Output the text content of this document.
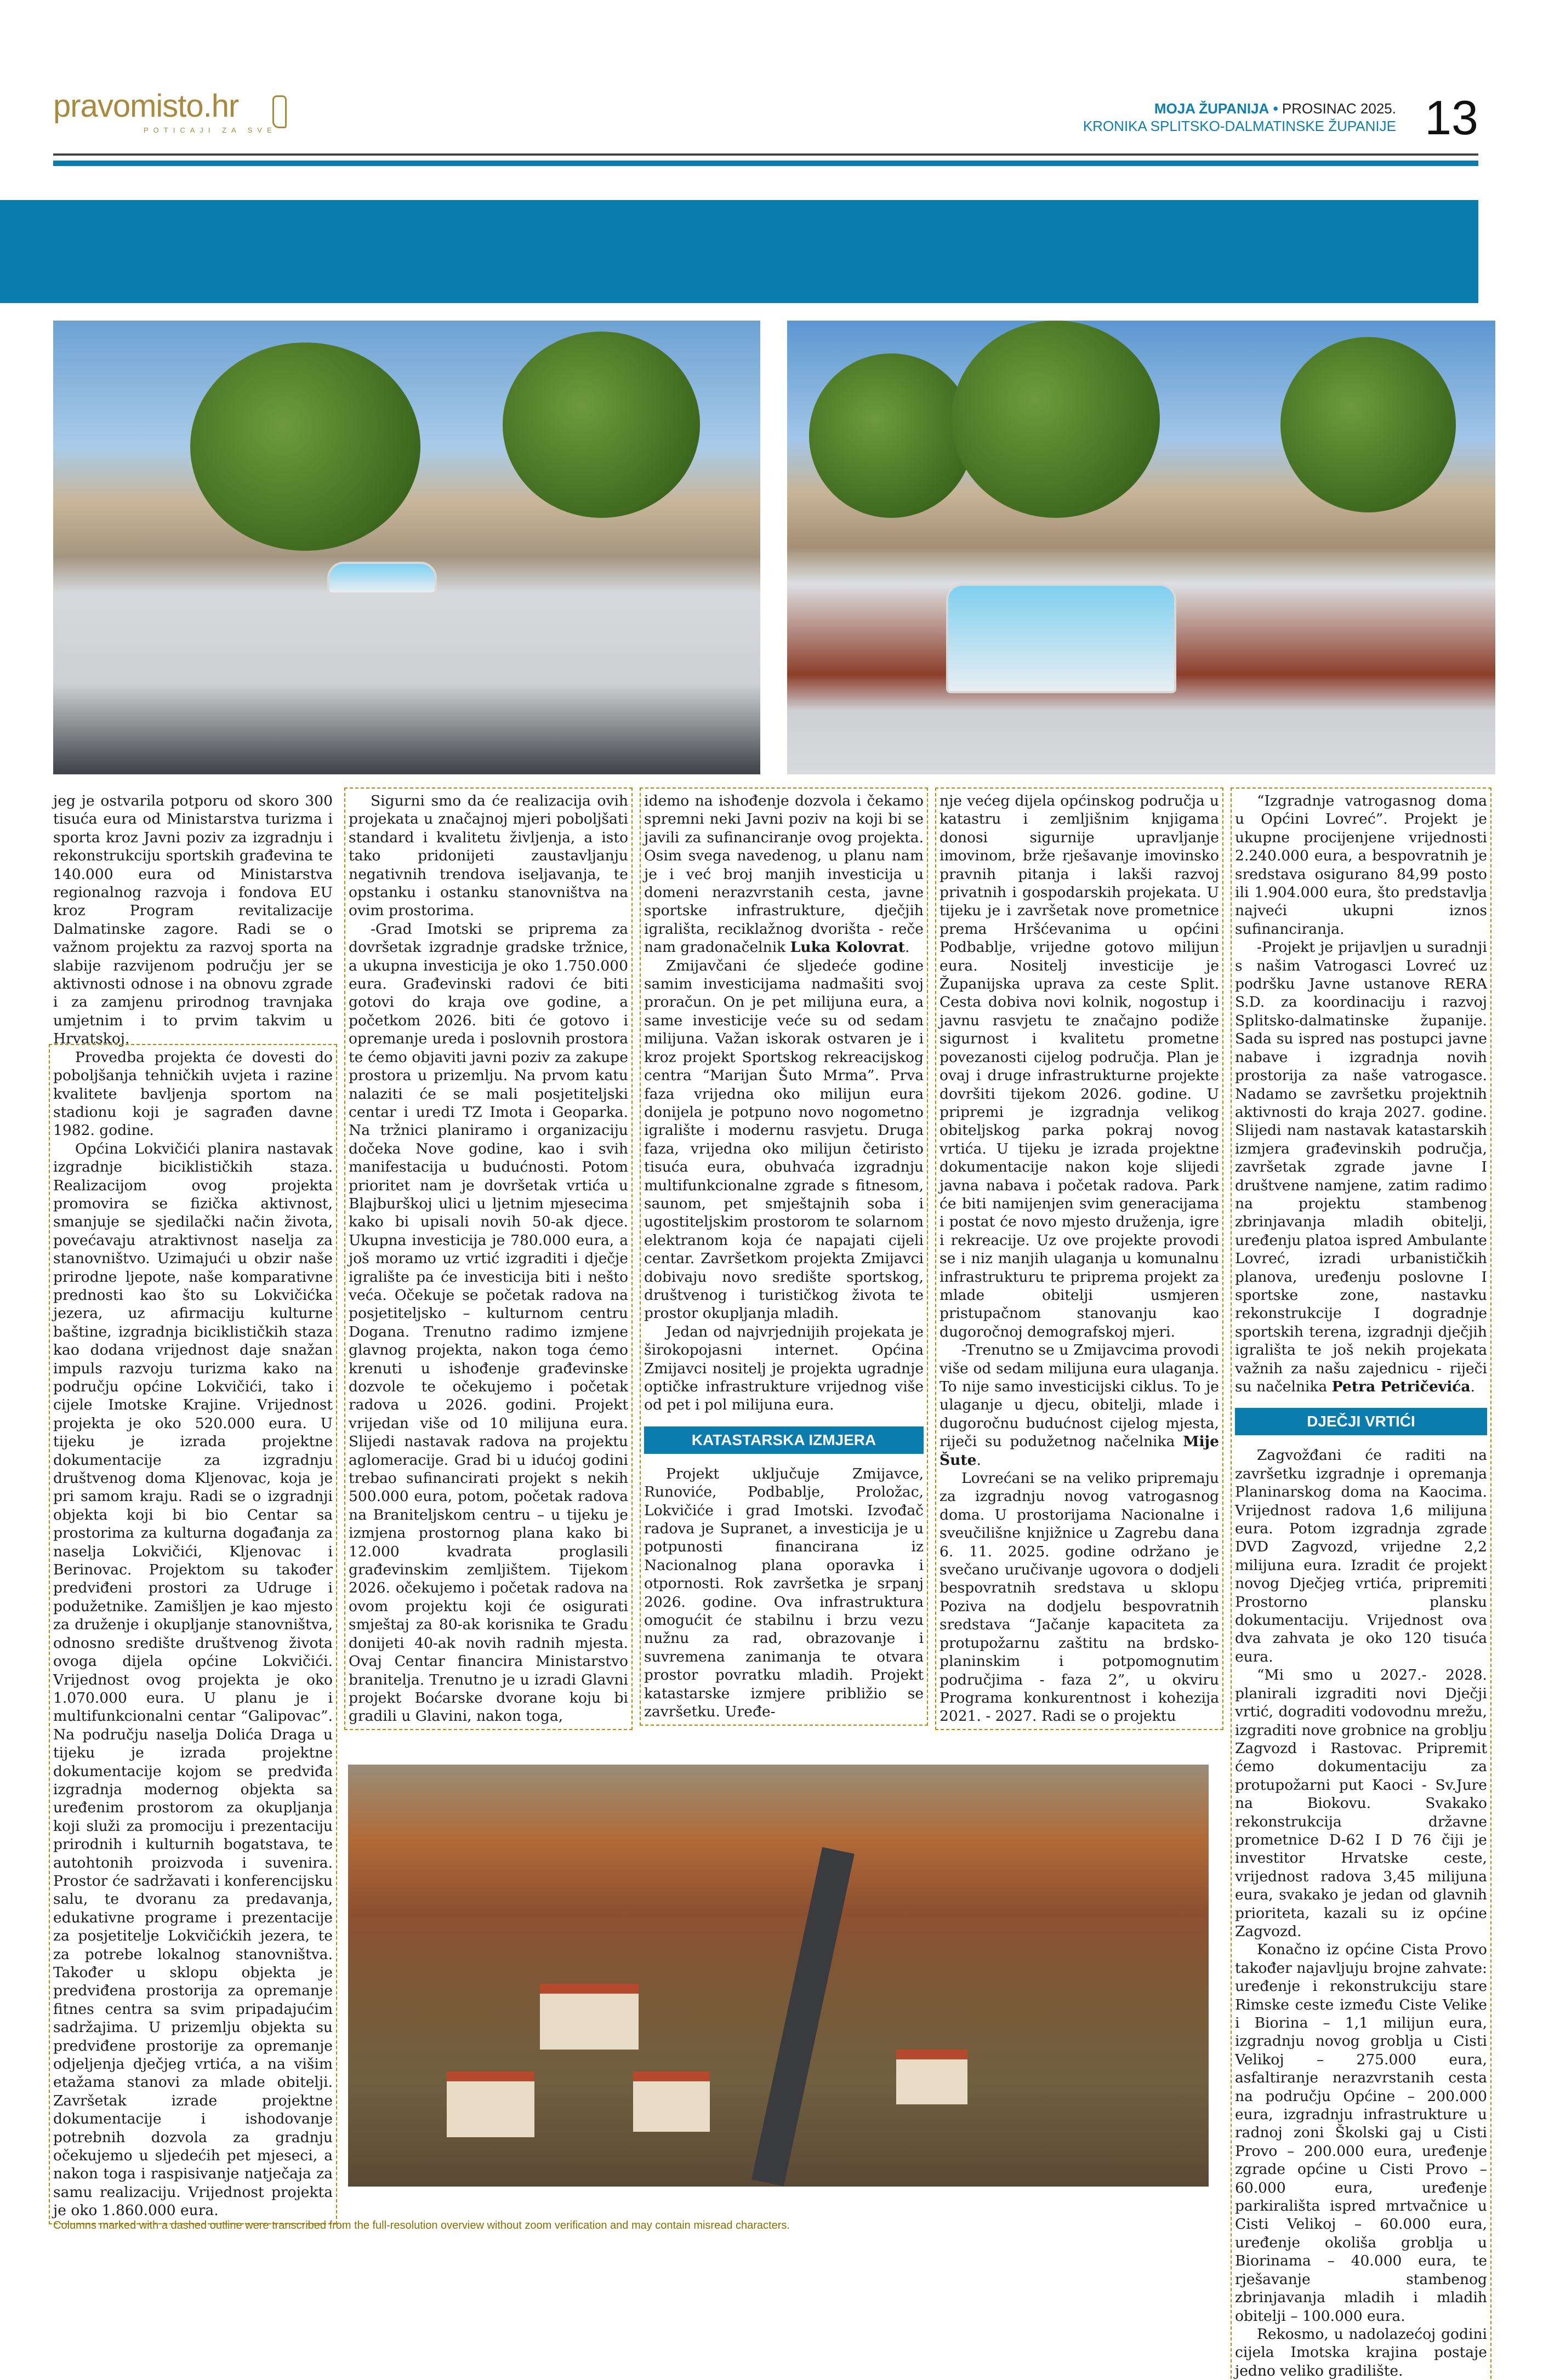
pravomisto.hr
POTICAJI ZA SVE
MOJA ŽUPANIJA • PROSINAC 2025.
KRONIKA SPLITSKO-DALMATINSKE ŽUPANIJE 13

jeg je ostvarila potporu od skoro 300 tisuća eura od Ministarstva turizma i sporta kroz Javni poziv za izgradnju i rekonstrukciju sportskih građevina te 140.000 eura od Ministarstva regionalnog razvoja i fondova EU kroz Program revitalizacije Dalmatinske zagore. Radi se o važnom projektu za razvoj sporta na slabije razvijenom području jer se aktivnosti odnose i na obnovu zgrade i za zamjenu prirodnog travnjaka umjetnim i to prvim takvim u Hrvatskoj.

Provedba projekta će dovesti do poboljšanja tehničkih uvjeta i razine kvalitete bavljenja sportom na stadionu koji je sagrađen davne 1982. godine.

Općina Lokvičići planira nastavak izgradnje biciklističkih staza. Realizacijom ovog projekta promovira se fizička aktivnost, smanjuje se sjedilački način života, povećavaju atraktivnost naselja za stanovništvo. Uzimajući u obzir naše prirodne ljepote, naše komparativne prednosti kao što su Lokvičićka jezera, uz afirmaciju kulturne baštine, izgradnja biciklističkih staza kao dodana vrijednost daje snažan impuls razvoju turizma kako na području općine Lokvičići, tako i cijele Imotske Krajine. Vrijednost projekta je oko 520.000 eura. U tijeku je izrada projektne dokumentacije za izgradnju društvenog doma Kljenovac, koja je pri samom kraju. Radi se o izgradnji objekta koji bi bio Centar sa prostorima za kulturna događanja za naselja Lokvičići, Kljenovac i Berinovac. Projektom su također predviđeni prostori za Udruge i podužetnike. Zamišljen je kao mjesto za druženje i okupljanje stanovništva, odnosno središte društvenog života ovoga dijela općine Lokvičići. Vrijednost ovog projekta je oko 1.070.000 eura. U planu je i multifunkcionalni centar “Galipovac”. Na području naselja Dolića Draga u tijeku je izrada projektne dokumentacije kojom se predviđa izgradnja modernog objekta sa uređenim prostorom za okupljanja koji služi za promociju i prezentaciju prirodnih i kulturnih bogatstava, te autohtonih proizvoda i suvenira. Prostor će sadržavati i konferencijsku salu, te dvoranu za predavanja, edukativne programe i prezentacije za posjetitelje Lokvičićkih jezera, te za potrebe lokalnog stanovništva. Također u sklopu objekta je predviđena prostorija za opremanje fitnes centra sa svim pripadajućim sadržajima. U prizemlju objekta su predviđene prostorije za opremanje odjeljenja dječjeg vrtića, a na višim etažama stanovi za mlade obitelji. Završetak izrade projektne dokumentacije i ishodovanje potrebnih dozvola za gradnju očekujemo u sljedećih pet mjeseci, a nakon toga i raspisivanje natječaja za samu realizaciju. Vrijednost projekta je oko 1.860.000 eura.

Sigurni smo da će realizacija ovih projekata u značajnoj mjeri poboljšati standard i kvalitetu življenja, a isto tako pridonijeti zaustavljanju negativnih trendova iseljavanja, te opstanku i ostanku stanovništva na ovim prostorima.

-Grad Imotski se priprema za dovršetak izgradnje gradske tržnice, a ukupna investicija je oko 1.750.000 eura. Građevinski radovi će biti gotovi do kraja ove godine, a početkom 2026. biti će gotovo i opremanje ureda i poslovnih prostora te ćemo objaviti javni poziv za zakupe prostora u prizemlju. Na prvom katu nalaziti će se mali posjetiteljski centar i uredi TZ Imota i Geoparka. Na tržnici planiramo i organizaciju dočeka Nove godine, kao i svih manifestacija u budućnosti. Potom prioritet nam je dovršetak vrtića u Blajburškoj ulici u ljetnim mjesecima kako bi upisali novih 50-ak djece. Ukupna investicija je 780.000 eura, a još moramo uz vrtić izgraditi i dječje igralište pa će investicija biti i nešto veća. Očekuje se početak radova na posjetiteljsko – kulturnom centru Dogana. Trenutno radimo izmjene glavnog projekta, nakon toga ćemo krenuti u ishođenje građevinske dozvole te očekujemo i početak radova u 2026. godini. Projekt vrijedan više od 10 milijuna eura. Slijedi nastavak radova na projektu aglomeracije. Grad bi u idućoj godini trebao sufinancirati projekt s nekih 500.000 eura, potom, početak radova na Branitelјskom centru – u tijeku je izmjena prostornog plana kako bi 12.000 kvadrata proglasili građevinskim zemljištem. Tijekom 2026. očekujemo i početak radova na ovom projektu koji će osigurati smještaj za 80-ak korisnika te Gradu donijeti 40-ak novih radnih mjesta. Ovaj Centar financira Ministarstvo branitelja. Trenutno je u izradi Glavni projekt Boćarske dvorane koju bi gradili u Glavini, nakon toga,

idemo na ishođenje dozvola i čekamo spremni neki Javni poziv na koji bi se javili za sufinanciranje ovog projekta. Osim svega navedenog, u planu nam je i već broj manjih investicija u domeni nerazvrstanih cesta, javne sportske infrastrukture, dječjih igrališta, reciklažnog dvorišta - reče nam gradonačelnik Luka Kolovrat.

Zmijavčani će sljedeće godine samim investicijama nadmašiti svoj proračun. On je pet milijuna eura, a same investicije veće su od sedam milijuna. Važan iskorak ostvaren je i kroz projekt Sportskog rekreacijskog centra “Marijan Šuto Mrma”. Prva faza vrijedna oko milijun eura donijela je potpuno novo nogometno igralište i modernu rasvjetu. Druga faza, vrijedna oko milijun četiristo tisuća eura, obuhvaća izgradnju multifunkcionalne zgrade s fitnesom, saunom, pet smještajnih soba i ugostiteljskim prostorom te solarnom elektranom koja će napajati cijeli centar. Završetkom projekta Zmijavci dobivaju novo središte sportskog, društvenog i turističkog života te prostor okupljanja mladih.

Jedan od najvrjednijih projekata je širokopojasni internet. Općina Zmijavci nositelj je projekta ugradnje optičke infrastrukture vrijednog više od pet i pol milijuna eura.

KATASTARSKA IZMJERA

Projekt uključuje Zmijavce, Runoviće, Podbablje, Proložac, Lokvičiće i grad Imotski. Izvođač radova je Supranet, a investicija je u potpunosti financirana iz Nacionalnog plana oporavka i otpornosti. Rok završetka je srpanj 2026. godine. Ova infrastruktura omogućit će stabilnu i brzu vezu nužnu za rad, obrazovanje i suvremena zanimanja te otvara prostor povratku mladih. Projekt katastarske izmjere približio se završetku. Uređe-

nje većeg dijela općinskog područja u katastru i zemljišnim knjigama donosi sigurnije upravljanje imovinom, brže rješavanje imovinsko pravnih pitanja i lakši razvoj privatnih i gospodarskih projekata. U tijeku je i završetak nove prometnice prema Hršćevanima u općini Podbablje, vrijedne gotovo milijun eura. Nositelj investicije je Županijska uprava za ceste Split. Cesta dobiva novi kolnik, nogostup i javnu rasvjetu te značajno podiže sigurnost i kvalitetu prometne povezanosti cijelog područja. Plan je ovaj i druge infrastrukturne projekte dovršiti tijekom 2026. godine. U pripremi je izgradnja velikog obiteljskog parka pokraj novog vrtića. U tijeku je izrada projektne dokumentacije nakon koje slijedi javna nabava i početak radova. Park će biti namijenjen svim generacijama i postat će novo mjesto druženja, igre i rekreacije. Uz ove projekte provodi se i niz manjih ulaganja u komunalnu infrastrukturu te priprema projekt za mlade obitelji usmjeren pristupačnom stanovanju kao dugoročnoj demografskoj mjeri.

-Trenutno se u Zmijavcima provodi više od sedam milijuna eura ulaganja. To nije samo investicijski ciklus. To je ulaganje u djecu, obitelji, mlade i dugoročnu budućnost cijelog mjesta, riječi su podužetnog načelnika Mije Šute.

Lovrećani se na veliko pripremaju za izgradnju novog vatrogasnog doma. U prostorijama Nacionalne i sveučilišne knjižnice u Zagrebu dana 6. 11. 2025. godine održano je svečano uručivanje ugovora o dodjeli bespovratnih sredstava u sklopu Poziva na dodjelu bespovratnih sredstava “Jačanje kapaciteta za protupožarnu zaštitu na brdsko-planinskim i potpomognutim područjima - faza 2”, u okviru Programa konkurentnost i kohezija 2021. - 2027. Radi se o projektu

“Izgradnje vatrogasnog doma u Općini Lovreć”. Projekt je ukupne procijenjene vrijednosti 2.240.000 eura, a bespovratnih je sredstava osigurano 84,99 posto ili 1.904.000 eura, što predstavlja najveći ukupni iznos sufinanciranja.

-Projekt je prijavljen u suradnji s našim Vatrogasci Lovreć uz podršku Javne ustanove RERA S.D. za koordinaciju i razvoj Splitsko-dalmatinske županije. Sada su ispred nas postupci javne nabave i izgradnja novih prostorija za naše vatrogasce. Nadamo se završetku projektnih aktivnosti do kraja 2027. godine. Slijedi nam nastavak katastarskih izmjera građevinskih područja, završetak zgrade javne I društvene namjene, zatim radimo na projektu stambenog zbrinjavanja mladih obitelji, uređenju platoa ispred Ambulante Lovreć, izradi urbanističkih planova, uređenju poslovne I sportske zone, nastavku rekonstrukcije I dogradnje sportskih terena, izgradnji dječjih igrališta te još nekih projekata važnih za našu zajednicu - riječi su načelnika Petra Petričevića.

DJEČJI VRTIĆI

Zagvožđani će raditi na završetku izgradnje i opremanja Planinarskog doma na Kaocima. Vrijednost radova 1,6 milijuna eura. Potom izgradnja zgrade DVD Zagvozd, vrijedne 2,2 milijuna eura. Izradit će projekt novog Dječjeg vrtića, pripremiti Prostorno plansku dokumentaciju. Vrijednost ova dva zahvata je oko 120 tisuća eura.

“Mi smo u 2027.- 2028. planirali izgraditi novi Dječji vrtić, dograditi vodovodnu mrežu, izgraditi nove grobnice na groblju Zagvozd i Rastovac. Pripremit ćemo dokumentaciju za protupožarni put Kaoci - Sv.Jure na Biokovu. Svakako rekonstrukcija državne prometnice D-62 I D 76 čiji je investitor Hrvatske ceste, vrijednost radova 3,45 milijuna eura, svakako je jedan od glavnih prioriteta, kazali su iz općine Zagvozd.

Konačno iz općine Cista Provo također najavljuju brojne zahvate: uređenje i rekonstrukciju stare Rimske ceste između Ciste Velike i Biorina – 1,1 milijun eura, izgradnju novog groblja u Cisti Velikoj – 275.000 eura, asfaltiranje nerazvrstanih cesta na području Općine – 200.000 eura, izgradnju infrastrukture u radnoj zoni Školski gaj u Cisti Provo – 200.000 eura, uređenje zgrade općine u Cisti Provo – 60.000 eura, uređenje parkirališta ispred mrtvačnice u Cisti Velikoj – 60.000 eura, uređenje okoliša groblja u Biorinama – 40.000 eura, te rješavanje stambenog zbrinjavanja mladih i mladih obitelji – 100.000 eura.

Rekosmo, u nadolazećoj godini cijela Imotska krajina postaje jedno veliko gradilište.

Columns marked with a dashed outline were transcribed from the full-resolution overview without zoom verification and may contain misread characters.
